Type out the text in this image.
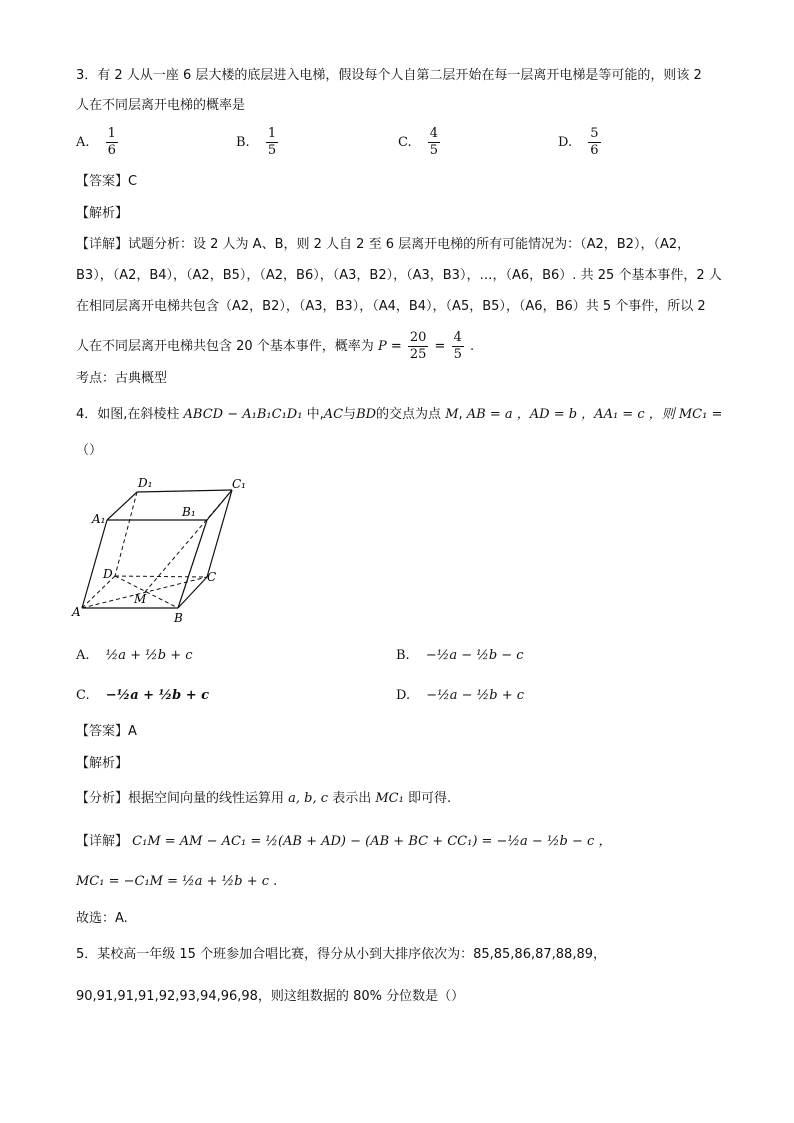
3．有 2 人从一座 6 层大楼的底层进入电梯，假设每个人自第二层开始在每一层离开电梯是等可能的，则该 2
人在不同层离开电梯的概率是
A. $\frac{1}{6}$	B. $\frac{1}{5}$	C. $\frac{4}{5}$	D. $\frac{5}{6}$
【答案】C
【解析】
【详解】试题分析：设 2 人为 A、B，则 2 人自 2 至 6 层离开电梯的所有可能情况为：（A2，B2），（A2，
B3），（A2，B4），（A2，B5），（A2，B6），（A3，B2），（A3，B3），…，（A6，B6）. 共 25 个基本事件，2 人
在相同层离开电梯共包含（A2，B2），（A3，B3），（A4，B4），（A5，B5），（A6，B6）共 5 个事件，所以 2
人在不同层离开电梯共包含 20 个基本事件，概率为 $P = \frac{20}{25} = \frac{4}{5}$ .
考点：古典概型
4．如图,在斜棱柱 ABCD − A₁B₁C₁D₁ 中,AC与BD的交点为点 M, AB = a ，AD = b ，AA₁ = c ，则 MC₁ =
（）
D₁	C₁
A₁	B₁
D	C
M
A	B
A. ½a + ½b + c	B. −½a − ½b − c
C. −½a + ½b + c	D. −½a − ½b + c
【答案】A
【解析】
【分析】根据空间向量的线性运算用 a, b, c 表示出 MC₁ 即可得.
【详解】 C₁M = AM − AC₁ = ½(AB + AD) − (AB + BC + CC₁) = −½a − ½b − c ，
MC₁ = −C₁M = ½a + ½b + c .
故选：A.
5．某校高一年级 15 个班参加合唱比赛，得分从小到大排序依次为：85,85,86,87,88,89，
90,91,91,91,92,93,94,96,98，则这组数据的 80% 分位数是（）
